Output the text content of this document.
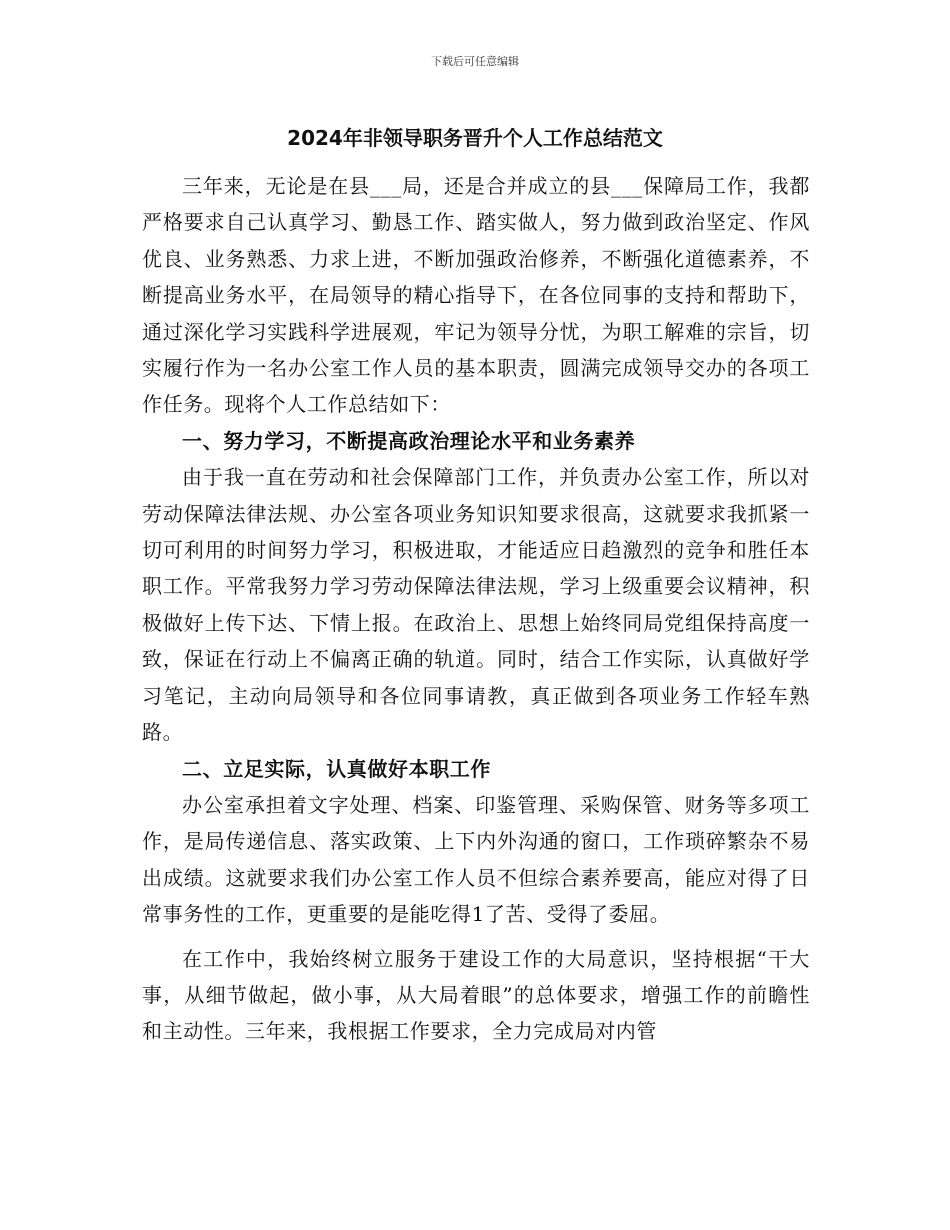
下载后可任意编辑
2024年非领导职务晋升个人工作总结范文

三年来，无论是在县___局，还是合并成立的县___保障局工作，我都严格要求自己认真学习、勤恳工作、踏实做人，努力做到政治坚定、作风优良、业务熟悉、力求上进，不断加强政治修养，不断强化道德素养，不断提高业务水平，在局领导的精心指导下，在各位同事的支持和帮助下，通过深化学习实践科学进展观，牢记为领导分忧，为职工解难的宗旨，切实履行作为一名办公室工作人员的基本职责，圆满完成领导交办的各项工作任务。现将个人工作总结如下：

一、努力学习，不断提高政治理论水平和业务素养

由于我一直在劳动和社会保障部门工作，并负责办公室工作，所以对劳动保障法律法规、办公室各项业务知识知要求很高，这就要求我抓紧一切可利用的时间努力学习，积极进取，才能适应日趋激烈的竞争和胜任本职工作。平常我努力学习劳动保障法律法规，学习上级重要会议精神，积极做好上传下达、下情上报。在政治上、思想上始终同局党组保持高度一致，保证在行动上不偏离正确的轨道。同时，结合工作实际，认真做好学习笔记，主动向局领导和各位同事请教，真正做到各项业务工作轻车熟路。

二、立足实际，认真做好本职工作

办公室承担着文字处理、档案、印鉴管理、采购保管、财务等多项工作，是局传递信息、落实政策、上下内外沟通的窗口，工作琐碎繁杂不易出成绩。这就要求我们办公室工作人员不但综合素养要高，能应对得了日常事务性的工作，更重要的是能吃得1了苦、受得了委屈。

在工作中，我始终树立服务于建设工作的大局意识，坚持根据“干大事，从细节做起，做小事，从大局着眼”的总体要求，增强工作的前瞻性和主动性。三年来，我根据工作要求，全力完成局对内管
